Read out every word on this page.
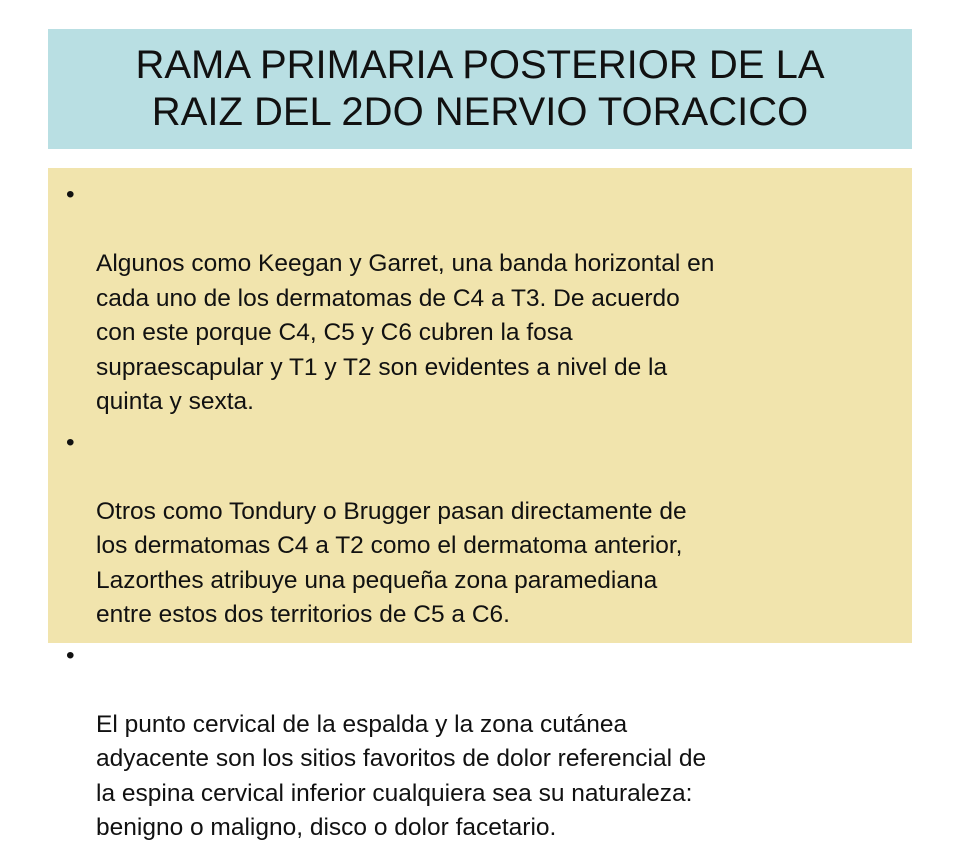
RAMA PRIMARIA POSTERIOR DE LA
RAIZ DEL 2DO NERVIO TORACICO

•

Algunos como Keegan y Garret, una banda horizontal en
cada uno de los dermatomas de C4 a T3. De acuerdo
con este porque C4, C5 y C6 cubren la fosa
supraescapular y T1 y T2 son evidentes a nivel de la
quinta y sexta.

•

Otros como Tondury o Brugger pasan directamente de
los dermatomas C4 a T2 como el dermatoma anterior,
Lazorthes atribuye una pequeña zona paramediana
entre estos dos territorios de C5 a C6.

•

El punto cervical de la espalda y la zona cutánea
adyacente son los sitios favoritos de dolor referencial de
la espina cervical inferior cualquiera sea su naturaleza:
benigno o maligno, disco o dolor facetario.
